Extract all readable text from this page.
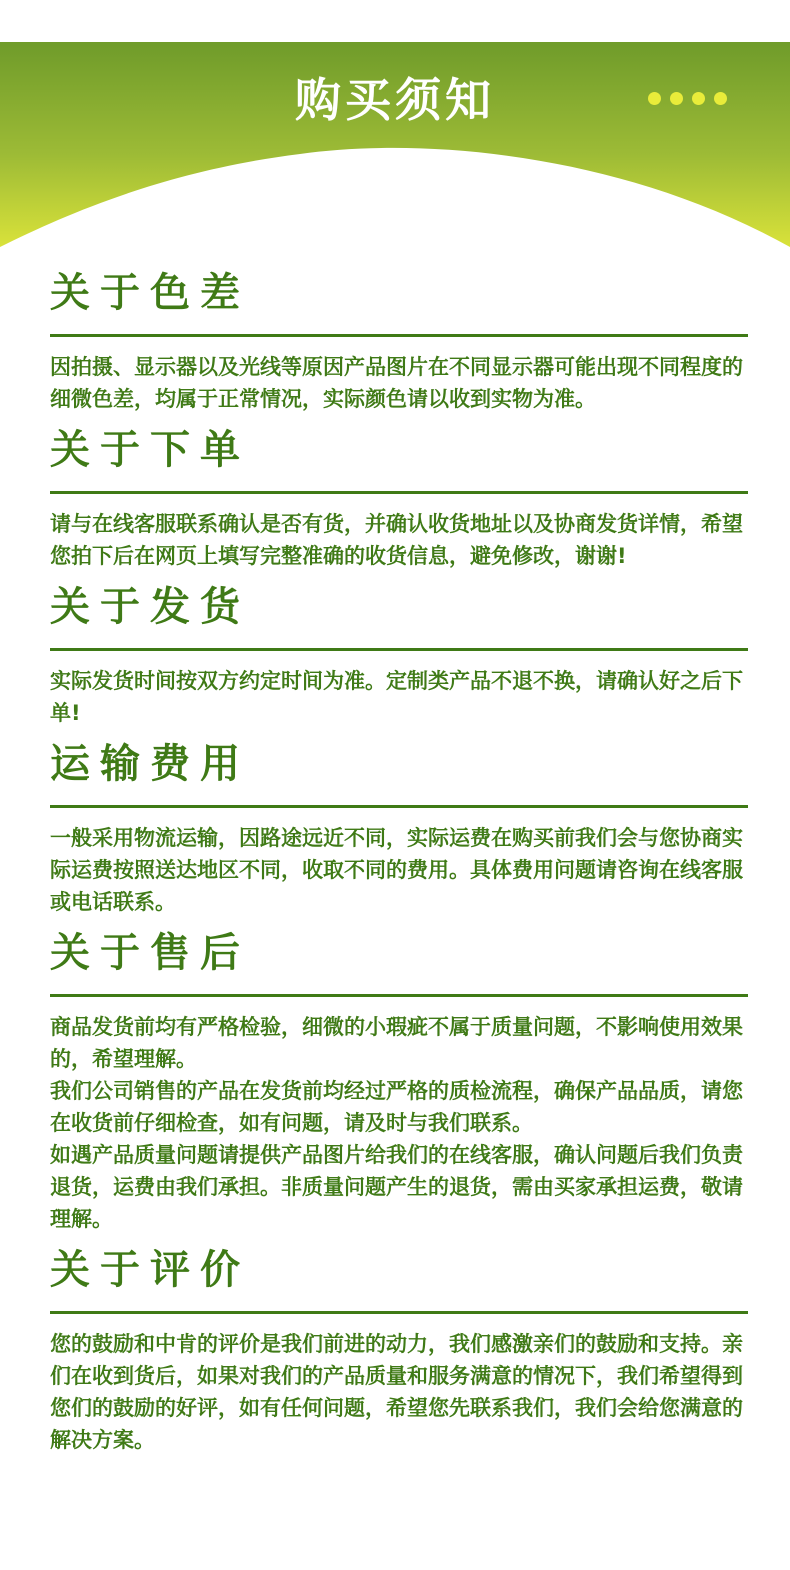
购买须知
关于色差

因拍摄、显示器以及光线等原因产品图片在不同显示器可能出现不同程度的细微色差，均属于正常情况，实际颜色请以收到实物为准。

关于下单

请与在线客服联系确认是否有货，并确认收货地址以及协商发货详情，希望您拍下后在网页上填写完整准确的收货信息，避免修改，谢谢!

关于发货

实际发货时间按双方约定时间为准。定制类产品不退不换，请确认好之后下单!

运输费用

一般采用物流运输，因路途远近不同，实际运费在购买前我们会与您协商实际运费按照送达地区不同，收取不同的费用。具体费用问题请咨询在线客服或电话联系。

关于售后

商品发货前均有严格检验，细微的小瑕疵不属于质量问题，不影响使用效果的，希望理解。

我们公司销售的产品在发货前均经过严格的质检流程，确保产品品质，请您在收货前仔细检查，如有问题，请及时与我们联系。

如遇产品质量问题请提供产品图片给我们的在线客服，确认问题后我们负责退货，运费由我们承担。非质量问题产生的退货，需由买家承担运费，敬请理解。

关于评价

您的鼓励和中肯的评价是我们前进的动力，我们感激亲们的鼓励和支持。亲们在收到货后，如果对我们的产品质量和服务满意的情况下，我们希望得到您们的鼓励的好评，如有任何问题，希望您先联系我们，我们会给您满意的解决方案。
